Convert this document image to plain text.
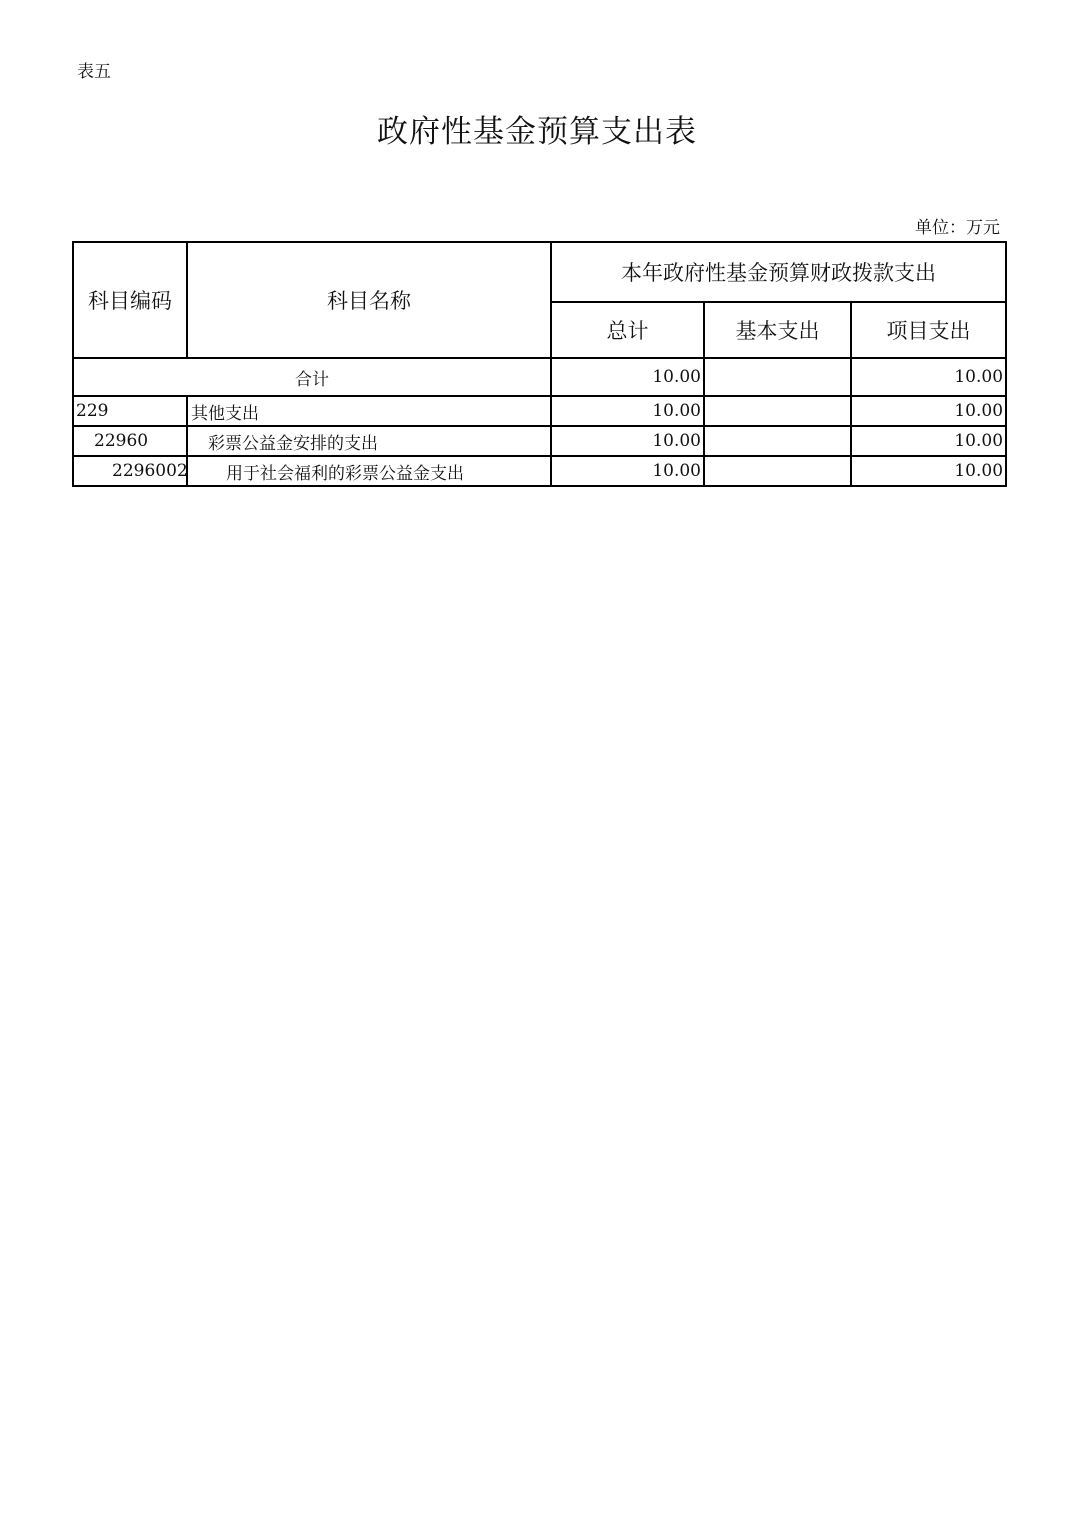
表五
政府性基金预算支出表
单位：万元
科目编码	科目名称	本年政府性基金预算财政拨款支出		
		总计	基本支出	项目支出
合计		10.00		10.00
229	其他支出	10.00		10.00
22960	彩票公益金安排的支出	10.00		10.00
2296002	用于社会福利的彩票公益金支出	10.00		10.00
